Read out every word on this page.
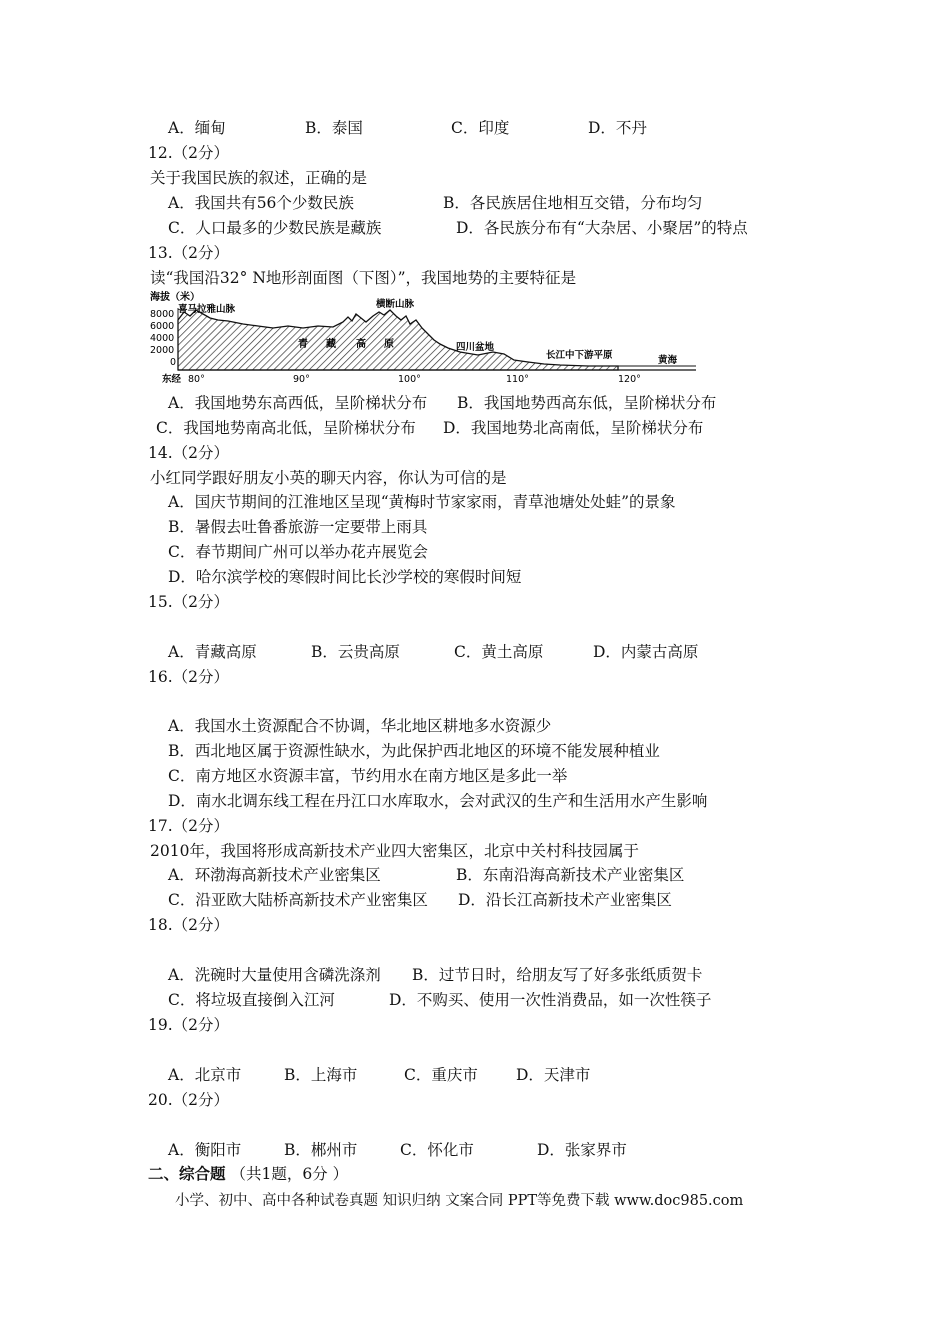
A．缅甸	B．泰国	C．印度	D．不丹
12.（2分）
关于我国民族的叙述，正确的是
A．我国共有56个少数民族	B．各民族居住地相互交错，分布均匀
C．人口最多的少数民族是藏族	D．各民族分布有“大杂居、小聚居”的特点
13.（2分）
读“我国沿32° N地形剖面图（下图）”，我国地势的主要特征是
海拔（米）
8000
6000
4000
2000
0
喜马拉雅山脉	横断山脉
青 藏 高 原	四川盆地
长江中下游平原	黄海
东经 80°	90°	100°	110°	120°
A．我国地势东高西低，呈阶梯状分布 B．我国地势西高东低，呈阶梯状分布
C．我国地势南高北低，呈阶梯状分布 D．我国地势北高南低，呈阶梯状分布
14.（2分）
小红同学跟好朋友小英的聊天内容，你认为可信的是
A．国庆节期间的江淮地区呈现“黄梅时节家家雨，青草池塘处处蛙”的景象
B．暑假去吐鲁番旅游一定要带上雨具
C．春节期间广州可以举办花卉展览会
D．哈尔滨学校的寒假时间比长沙学校的寒假时间短
15.（2分）
A．青藏高原	B．云贵高原	C．黄土高原	D．内蒙古高原
16.（2分）
A．我国水土资源配合不协调，华北地区耕地多水资源少
B．西北地区属于资源性缺水，为此保护西北地区的环境不能发展种植业
C．南方地区水资源丰富，节约用水在南方地区是多此一举
D．南水北调东线工程在丹江口水库取水，会对武汉的生产和生活用水产生影响
17.（2分）
2010年，我国将形成高新技术产业四大密集区，北京中关村科技园属于
A．环渤海高新技术产业密集区	B．东南沿海高新技术产业密集区
C．沿亚欧大陆桥高新技术产业密集区 D．沿长江高新技术产业密集区
18.（2分）
A．洗碗时大量使用含磷洗涤剂 B．过节日时，给朋友写了好多张纸质贺卡
C．将垃圾直接倒入江河	D．不购买、使用一次性消费品，如一次性筷子
19.（2分）
A．北京市	B．上海市	C．重庆市 D．天津市
20.（2分）
A．衡阳市	B．郴州市	C．怀化市	D．张家界市
二、综合题 （共1题，6分 ）
小学、初中、高中各种试卷真题 知识归纳 文案合同 PPT等免费下载 www.doc985.com
